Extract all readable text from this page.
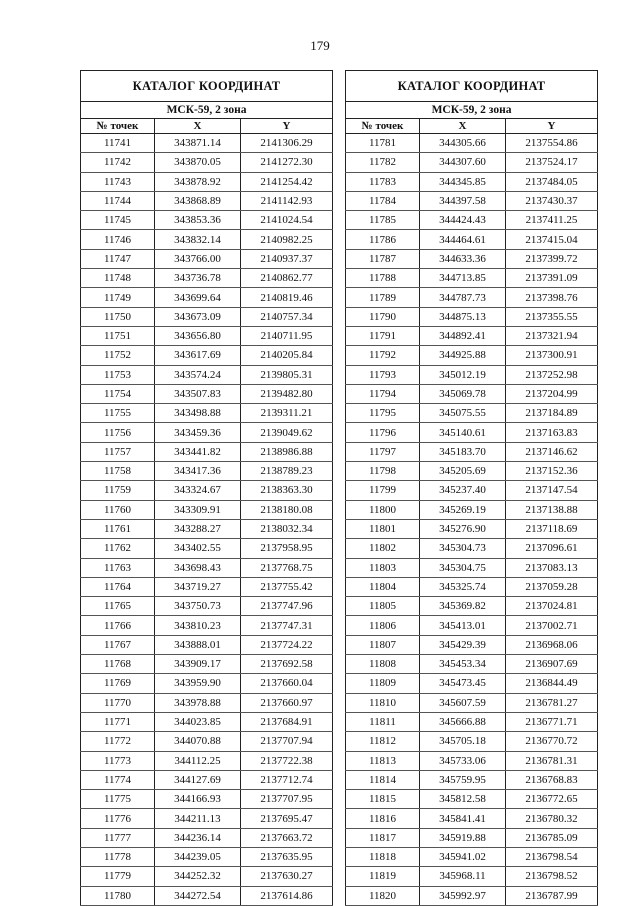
179
КАТАЛОГ КООРДИНАТ		
МСК-59, 2 зона		
№ точек	X	Y
11741	343871.14	2141306.29
11742	343870.05	2141272.30
11743	343878.92	2141254.42
11744	343868.89	2141142.93
11745	343853.36	2141024.54
11746	343832.14	2140982.25
11747	343766.00	2140937.37
11748	343736.78	2140862.77
11749	343699.64	2140819.46
11750	343673.09	2140757.34
11751	343656.80	2140711.95
11752	343617.69	2140205.84
11753	343574.24	2139805.31
11754	343507.83	2139482.80
11755	343498.88	2139311.21
11756	343459.36	2139049.62
11757	343441.82	2138986.88
11758	343417.36	2138789.23
11759	343324.67	2138363.30
11760	343309.91	2138180.08
11761	343288.27	2138032.34
11762	343402.55	2137958.95
11763	343698.43	2137768.75
11764	343719.27	2137755.42
11765	343750.73	2137747.96
11766	343810.23	2137747.31
11767	343888.01	2137724.22
11768	343909.17	2137692.58
11769	343959.90	2137660.04
11770	343978.88	2137660.97
11771	344023.85	2137684.91
11772	344070.88	2137707.94
11773	344112.25	2137722.38
11774	344127.69	2137712.74
11775	344166.93	2137707.95
11776	344211.13	2137695.47
11777	344236.14	2137663.72
11778	344239.05	2137635.95
11779	344252.32	2137630.27
11780	344272.54	2137614.86
КАТАЛОГ КООРДИНАТ		
МСК-59, 2 зона		
№ точек	X	Y
11781	344305.66	2137554.86
11782	344307.60	2137524.17
11783	344345.85	2137484.05
11784	344397.58	2137430.37
11785	344424.43	2137411.25
11786	344464.61	2137415.04
11787	344633.36	2137399.72
11788	344713.85	2137391.09
11789	344787.73	2137398.76
11790	344875.13	2137355.55
11791	344892.41	2137321.94
11792	344925.88	2137300.91
11793	345012.19	2137252.98
11794	345069.78	2137204.99
11795	345075.55	2137184.89
11796	345140.61	2137163.83
11797	345183.70	2137146.62
11798	345205.69	2137152.36
11799	345237.40	2137147.54
11800	345269.19	2137138.88
11801	345276.90	2137118.69
11802	345304.73	2137096.61
11803	345304.75	2137083.13
11804	345325.74	2137059.28
11805	345369.82	2137024.81
11806	345413.01	2137002.71
11807	345429.39	2136968.06
11808	345453.34	2136907.69
11809	345473.45	2136844.49
11810	345607.59	2136781.27
11811	345666.88	2136771.71
11812	345705.18	2136770.72
11813	345733.06	2136781.31
11814	345759.95	2136768.83
11815	345812.58	2136772.65
11816	345841.41	2136780.32
11817	345919.88	2136785.09
11818	345941.02	2136798.54
11819	345968.11	2136798.52
11820	345992.97	2136787.99
